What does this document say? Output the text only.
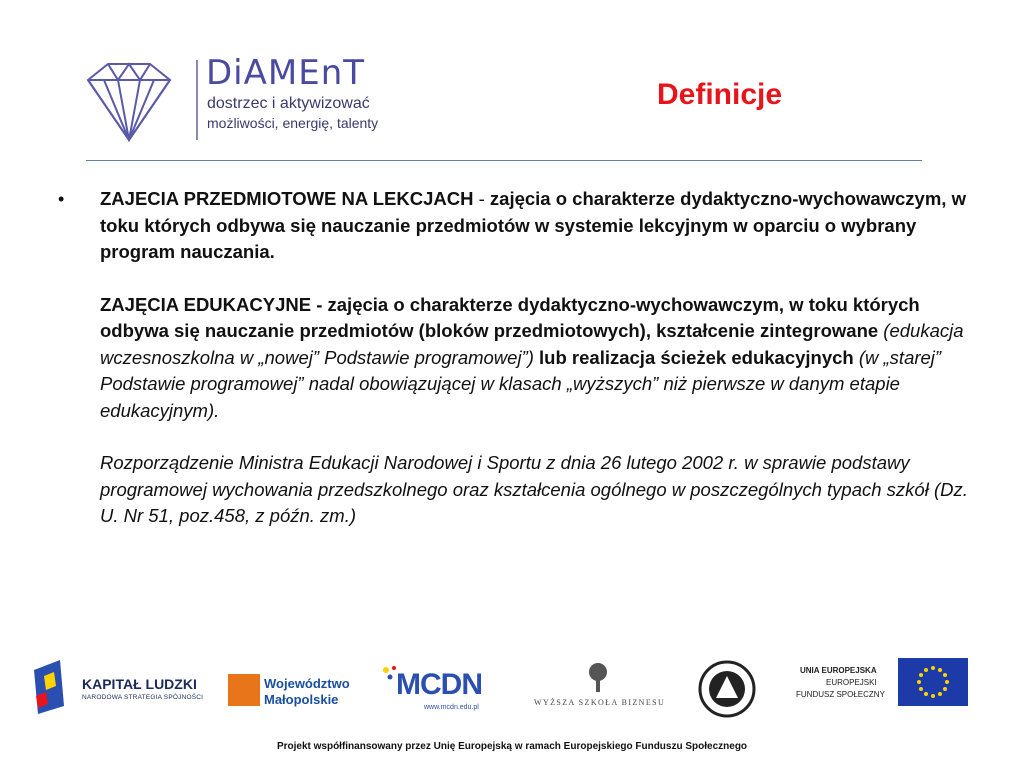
DiAMEnT
dostrzec i aktywizować
możliwości, energię, talenty
Definicje
• ZAJECIA PRZEDMIOTOWE NA LEKCJACH - zajęcia o charakterze dydaktyczno-wychowawczym, w toku których odbywa się nauczanie przedmiotów w systemie lekcyjnym w oparciu o wybrany program nauczania.

ZAJĘCIA EDUKACYJNE - zajęcia o charakterze dydaktyczno-wychowawczym, w toku których odbywa się nauczanie przedmiotów (bloków przedmiotowych), kształcenie zintegrowane (edukacja wczesnoszkolna w „nowej” Podstawie programowej”) lub realizacja ścieżek edukacyjnych (w „starej” Podstawie programowej” nadal obowiązującej w klasach „wyższych” niż pierwsze w danym etapie edukacyjnym).

Rozporządzenie Ministra Edukacji Narodowej i Sportu z dnia 26 lutego 2002 r. w sprawie podstawy programowej wychowania przedszkolnego oraz kształcenia ogólnego w poszczególnych typach szkół (Dz. U. Nr 51, poz.458, z późn. zm.)

KAPITAŁ LUDZKI
NARODOWA STRATEGIA SPÓJNOŚCI
Województwo
Małopolskie MCDN
www.mcdn.edu.pl
WYŻSZA SZKOŁA BIZNESU
UNIA EUROPEJSKA
EUROPEJSKI
FUNDUSZ SPOŁECZNY
Projekt współfinansowany przez Unię Europejską w ramach Europejskiego Funduszu Społecznego
